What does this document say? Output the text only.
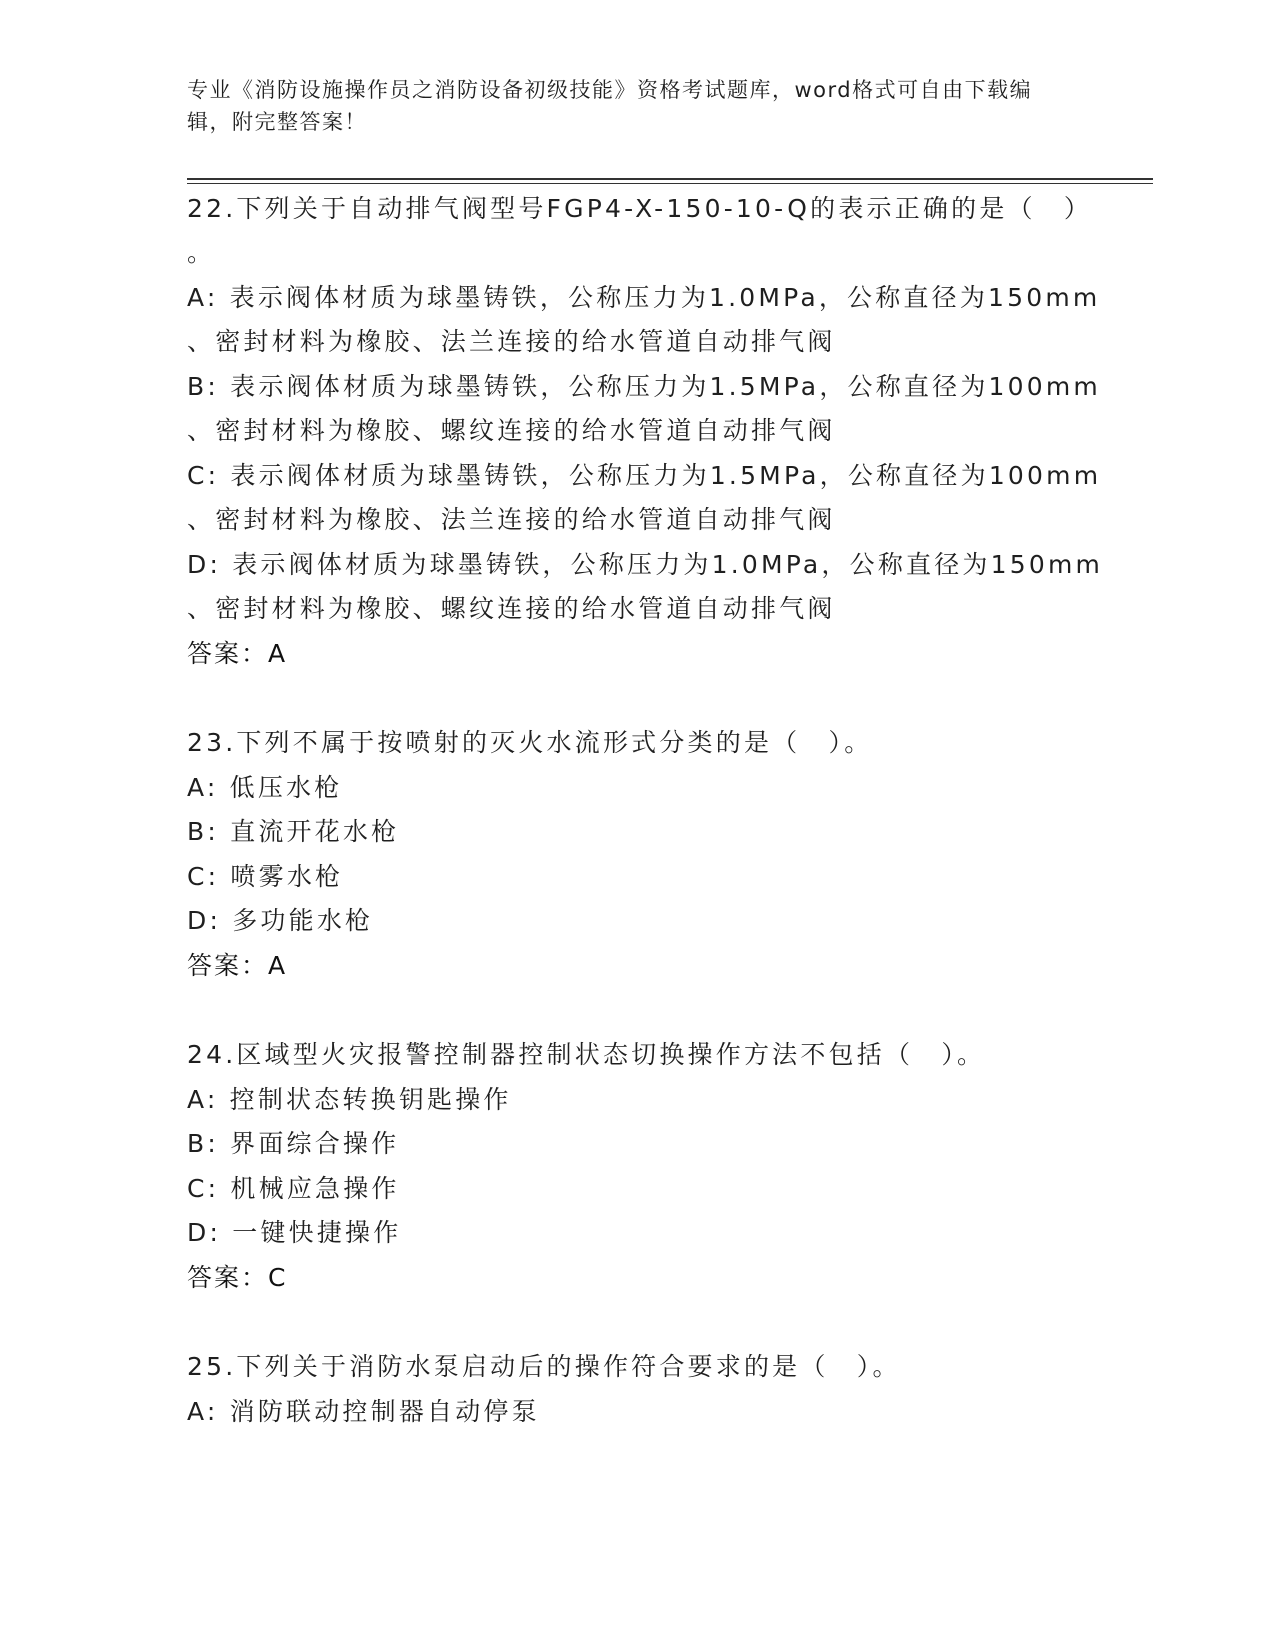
专业《消防设施操作员之消防设备初级技能》资格考试题库，word格式可自由下载编辑，附完整答案！
22.下列关于自动排气阀型号FGP4-X-150-10-Q的表示正确的是（　）
。
A: 表示阀体材质为球墨铸铁，公称压力为1.0MPa，公称直径为150mm
、密封材料为橡胶、法兰连接的给水管道自动排气阀
B: 表示阀体材质为球墨铸铁，公称压力为1.5MPa，公称直径为100mm
、密封材料为橡胶、螺纹连接的给水管道自动排气阀
C: 表示阀体材质为球墨铸铁，公称压力为1.5MPa，公称直径为100mm
、密封材料为橡胶、法兰连接的给水管道自动排气阀
D: 表示阀体材质为球墨铸铁，公称压力为1.0MPa，公称直径为150mm
、密封材料为橡胶、螺纹连接的给水管道自动排气阀
答案：A
23.下列不属于按喷射的灭火水流形式分类的是（　）。
A: 低压水枪
B: 直流开花水枪
C: 喷雾水枪
D: 多功能水枪
答案：A
24.区域型火灾报警控制器控制状态切换操作方法不包括（　）。
A: 控制状态转换钥匙操作
B: 界面综合操作
C: 机械应急操作
D: 一键快捷操作
答案：C
25.下列关于消防水泵启动后的操作符合要求的是（　）。
A: 消防联动控制器自动停泵
